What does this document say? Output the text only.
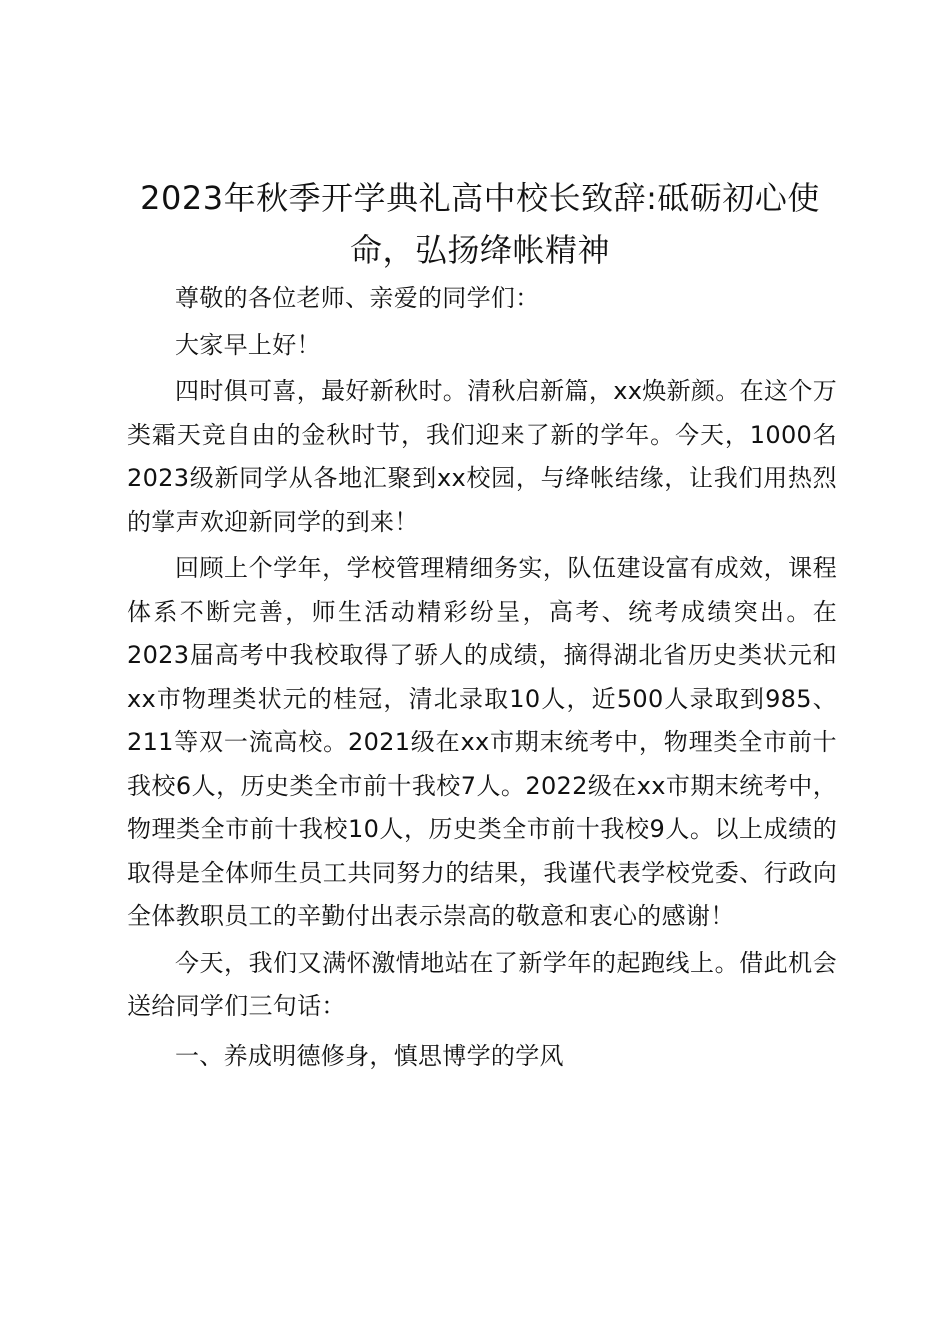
2023年秋季开学典礼高中校长致辞:砥砺初心使命，弘扬绛帐精神

尊敬的各位老师、亲爱的同学们：

大家早上好！

四时俱可喜，最好新秋时。清秋启新篇，xx焕新颜。在这个万类霜天竞自由的金秋时节，我们迎来了新的学年。今天，1000名2023级新同学从各地汇聚到xx校园，与绛帐结缘，让我们用热烈的掌声欢迎新同学的到来！

回顾上个学年，学校管理精细务实，队伍建设富有成效，课程体系不断完善，师生活动精彩纷呈，高考、统考成绩突出。在2023届高考中我校取得了骄人的成绩，摘得湖北省历史类状元和xx市物理类状元的桂冠，清北录取10人，近500人录取到985、211等双一流高校。2021级在xx市期末统考中，物理类全市前十我校6人，历史类全市前十我校7人。2022级在xx市期末统考中，物理类全市前十我校10人，历史类全市前十我校9人。以上成绩的取得是全体师生员工共同努力的结果，我谨代表学校党委、行政向全体教职员工的辛勤付出表示崇高的敬意和衷心的感谢！

今天，我们又满怀激情地站在了新学年的起跑线上。借此机会送给同学们三句话：

一、养成明德修身，慎思博学的学风
